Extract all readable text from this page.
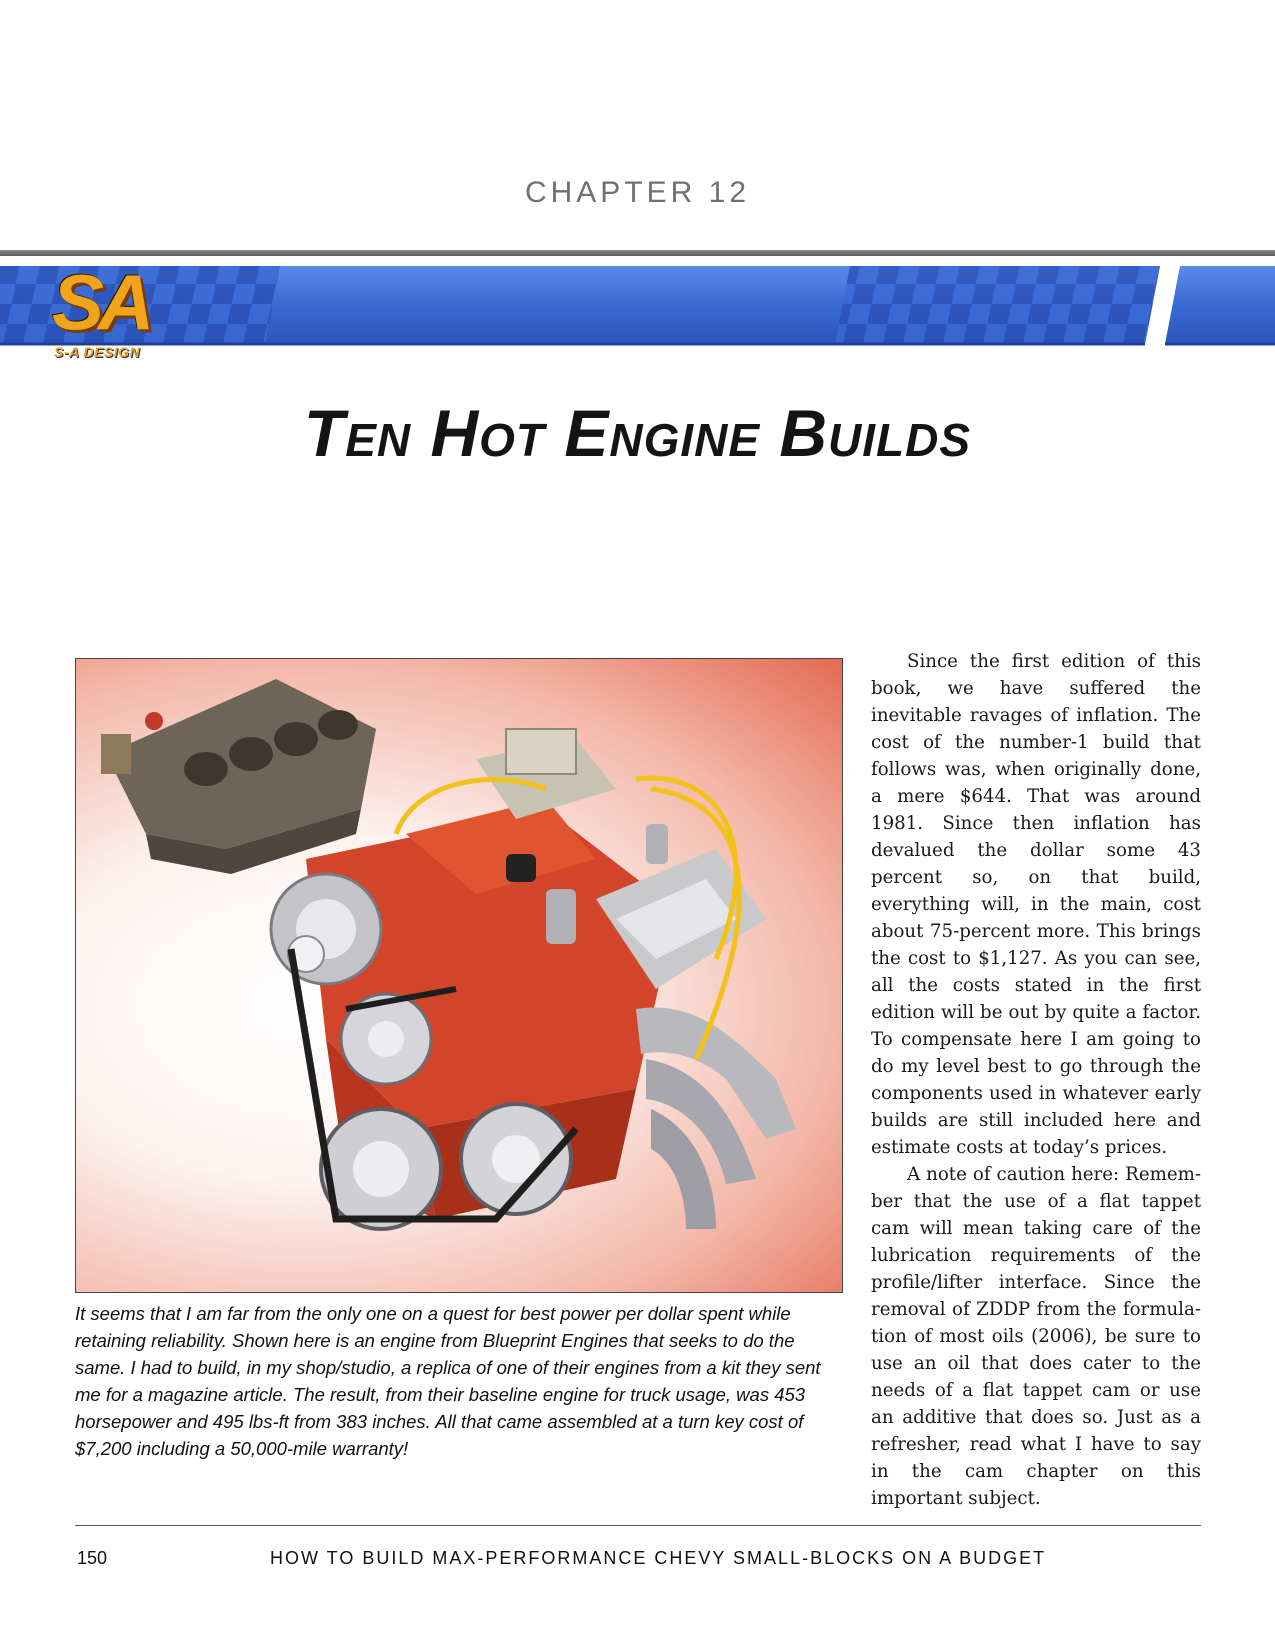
CHAPTER 12
SA
S-A DESIGN
Ten Hot Engine Builds

It seems that I am far from the only one on a quest for best power per dollar spent while retaining reliability. Shown here is an engine from Blueprint Engines that seeks to do the same. I had to build, in my shop/studio, a replica of one of their engines from a kit they sent me for a magazine article. The result, from their baseline engine for truck usage, was 453 horsepower and 495 lbs-ft from 383 inches. All that came assembled at a turn key cost of $7,200 including a 50,000-mile warranty!

Since the first edition of this book, we have suffered the inevitable ravages of inflation. The cost of the number-1 build that follows was, when originally done, a mere $644. That was around 1981. Since then inflation has devalued the dollar some 43 percent so, on that build, everything will, in the main, cost about 75-percent more. This brings the cost to $1,127. As you can see, all the costs stated in the first edition will be out by quite a factor. To compensate here I am going to do my level best to go through the components used in whatever early builds are still included here and estimate costs at today’s prices.

A note of caution here: Remember that the use of a flat tappet cam will mean taking care of the lubrication requirements of the profile/lifter interface. Since the removal of ZDDP from the formulation of most oils (2006), be sure to use an oil that does cater to the needs of a flat tappet cam or use an additive that does so. Just as a refresher, read what I have to say in the cam chapter on this important subject.

150	HOW TO BUILD MAX-PERFORMANCE CHEVY SMALL-BLOCKS ON A BUDGET
